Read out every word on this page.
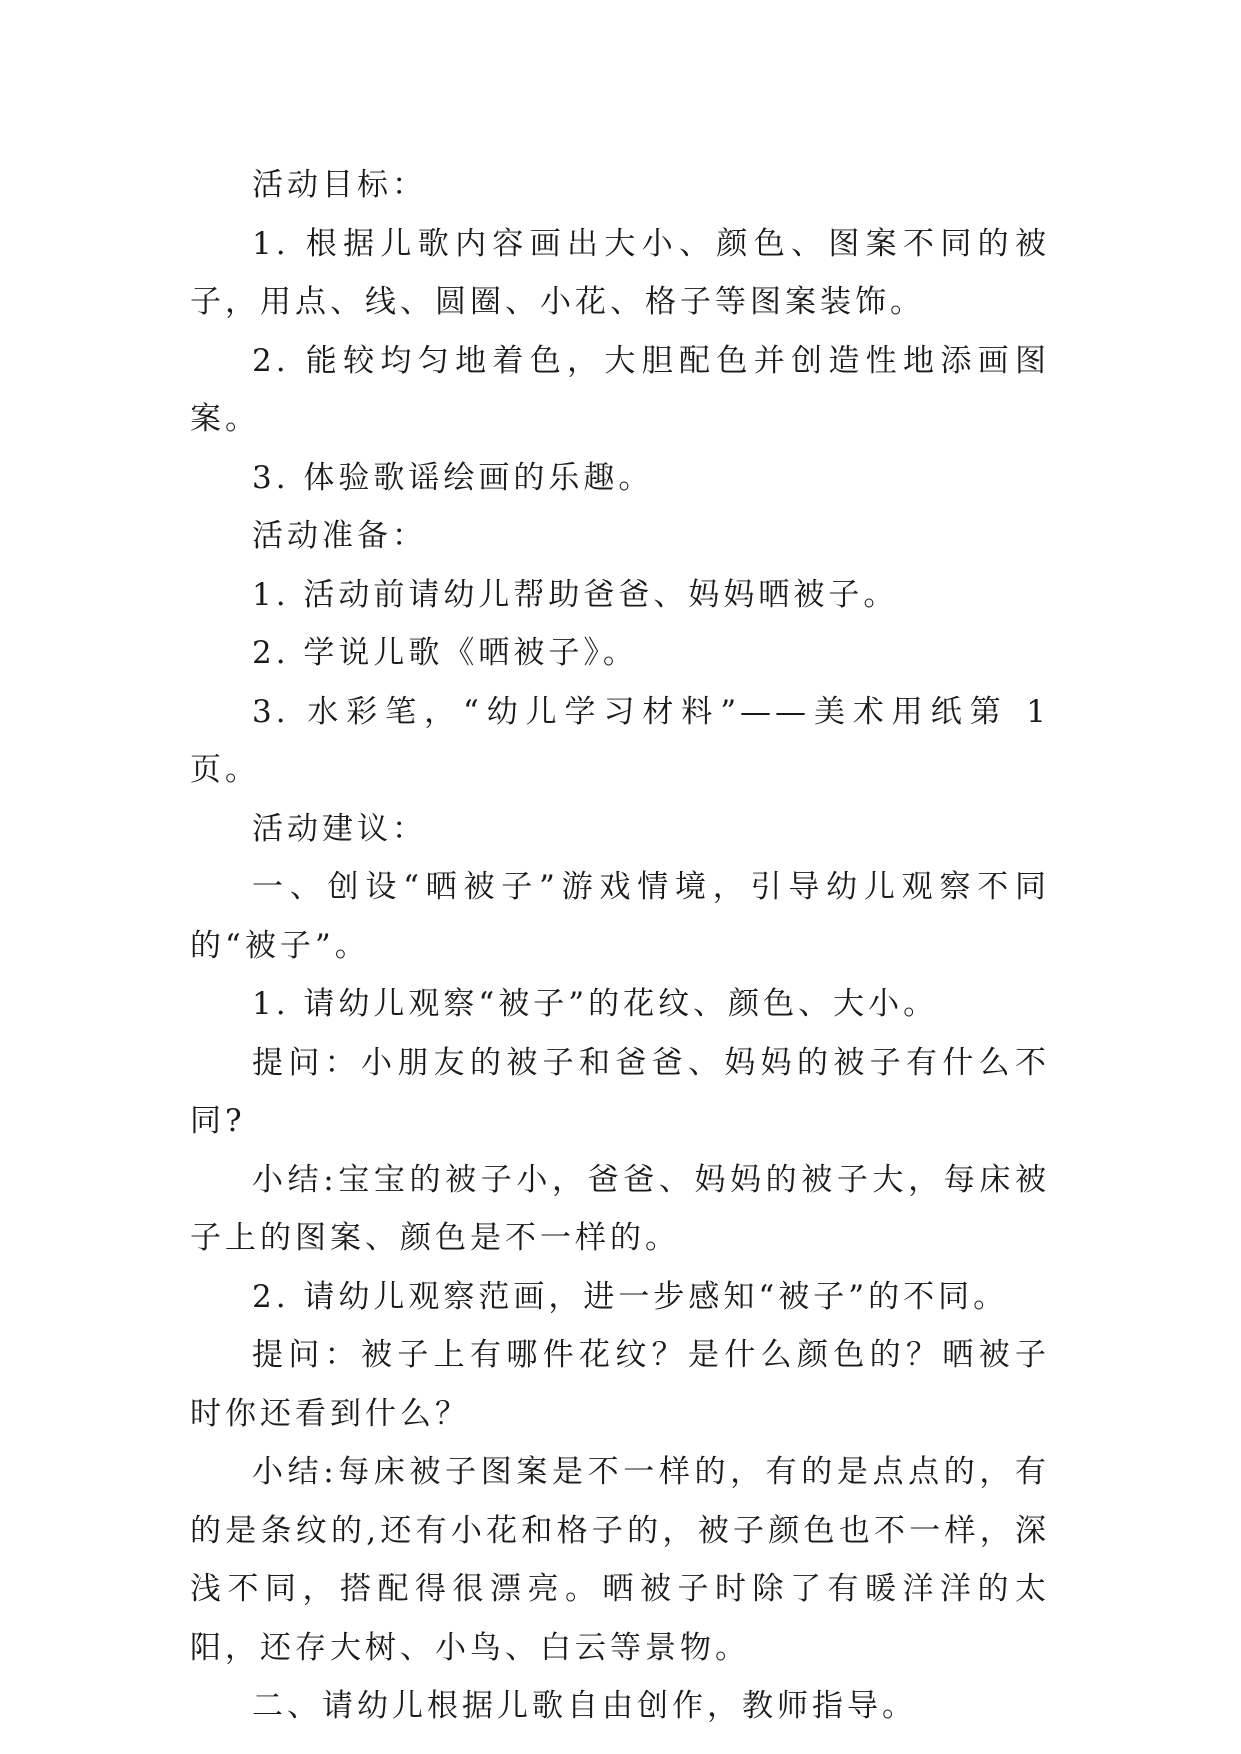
活动目标：

1. 根据儿歌内容画出大小、颜色、图案不同的被子，用点、线、圆圈、小花、格子等图案装饰。

2. 能较均匀地着色，大胆配色并创造性地添画图案。

3. 体验歌谣绘画的乐趣。

活动准备：

1. 活动前请幼儿帮助爸爸、妈妈晒被子。

2. 学说儿歌《晒被子》。

3. 水彩笔，“幼儿学习材料”——美术用纸第 1 页。

活动建议：

一、创设“晒被子”游戏情境，引导幼儿观察不同的“被子”。

1. 请幼儿观察“被子”的花纹、颜色、大小。

提问：小朋友的被子和爸爸、妈妈的被子有什么不同?

小结:宝宝的被子小，爸爸、妈妈的被子大，每床被子上的图案、颜色是不一样的。

2. 请幼儿观察范画，进一步感知“被子”的不同。

提问：被子上有哪件花纹？是什么颜色的？晒被子时你还看到什么？

小结:每床被子图案是不一样的，有的是点点的，有的是条纹的,还有小花和格子的，被子颜色也不一样，深浅不同，搭配得很漂亮。晒被子时除了有暖洋洋的太阳，还存大树、小鸟、白云等景物。

二、请幼儿根据儿歌自由创作，教师指导。
